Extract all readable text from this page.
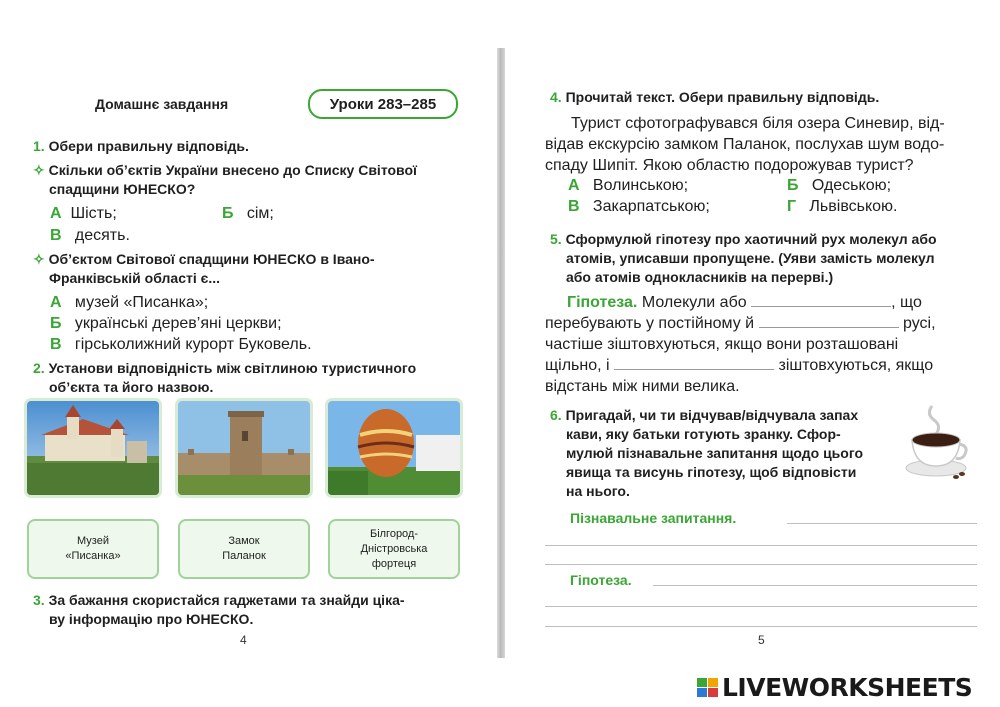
Домашнє завдання	Уроки 283–285
1. Обери правильну відповідь.
✧ Скільки об’єктів України внесено до Списку Світової
спадщини ЮНЕСКО?
А Шість;	Б сім;
В десять.
✧ Об’єктом Світової спадщини ЮНЕСКО в Івано-
Франківській області є...
А музей «Писанка»;
Б українські дерев’яні церкви;
В гірськолижний курорт Буковель.
2. Установи відповідність між світлиною туристичного
об’єкта та його назвою.
Музей
«Писанка»
Замок
Паланок
Білгород-
Дністровська
фортеця
3. За бажання скористайся гаджетами та знайди ціка-
ву інформацію про ЮНЕСКО.
4
4. Прочитай текст. Обери правильну відповідь.
Турист сфотографувався біля озера Синевир, від-
відав екскурсію замком Паланок, послухав шум водо-
спаду Шипіт. Якою областю подорожував турист?
А Волинською;	Б Одеською;
В Закарпатською;	Г Львівською.
5. Сформулюй гіпотезу про хаотичний рух молекул або
атомів, уписавши пропущене. (Уяви замість молекул
або атомів однокласників на перерві.)
Гіпотеза. Молекули або	, що
перебувають у постійному й	русі,
частіше зіштовхуються, якщо вони розташовані
щільно, і	зіштовхуються, якщо
відстань між ними велика.
6. Пригадай, чи ти відчував/відчувала запах
кави, яку батьки готують зранку. Сфор-
мулюй пізнавальне запитання щодо цього
явища та висунь гіпотезу, щоб відповісти
на нього.
Пізнавальне запитання.
Гіпотеза.
5
LIVEWORKSHEETS
